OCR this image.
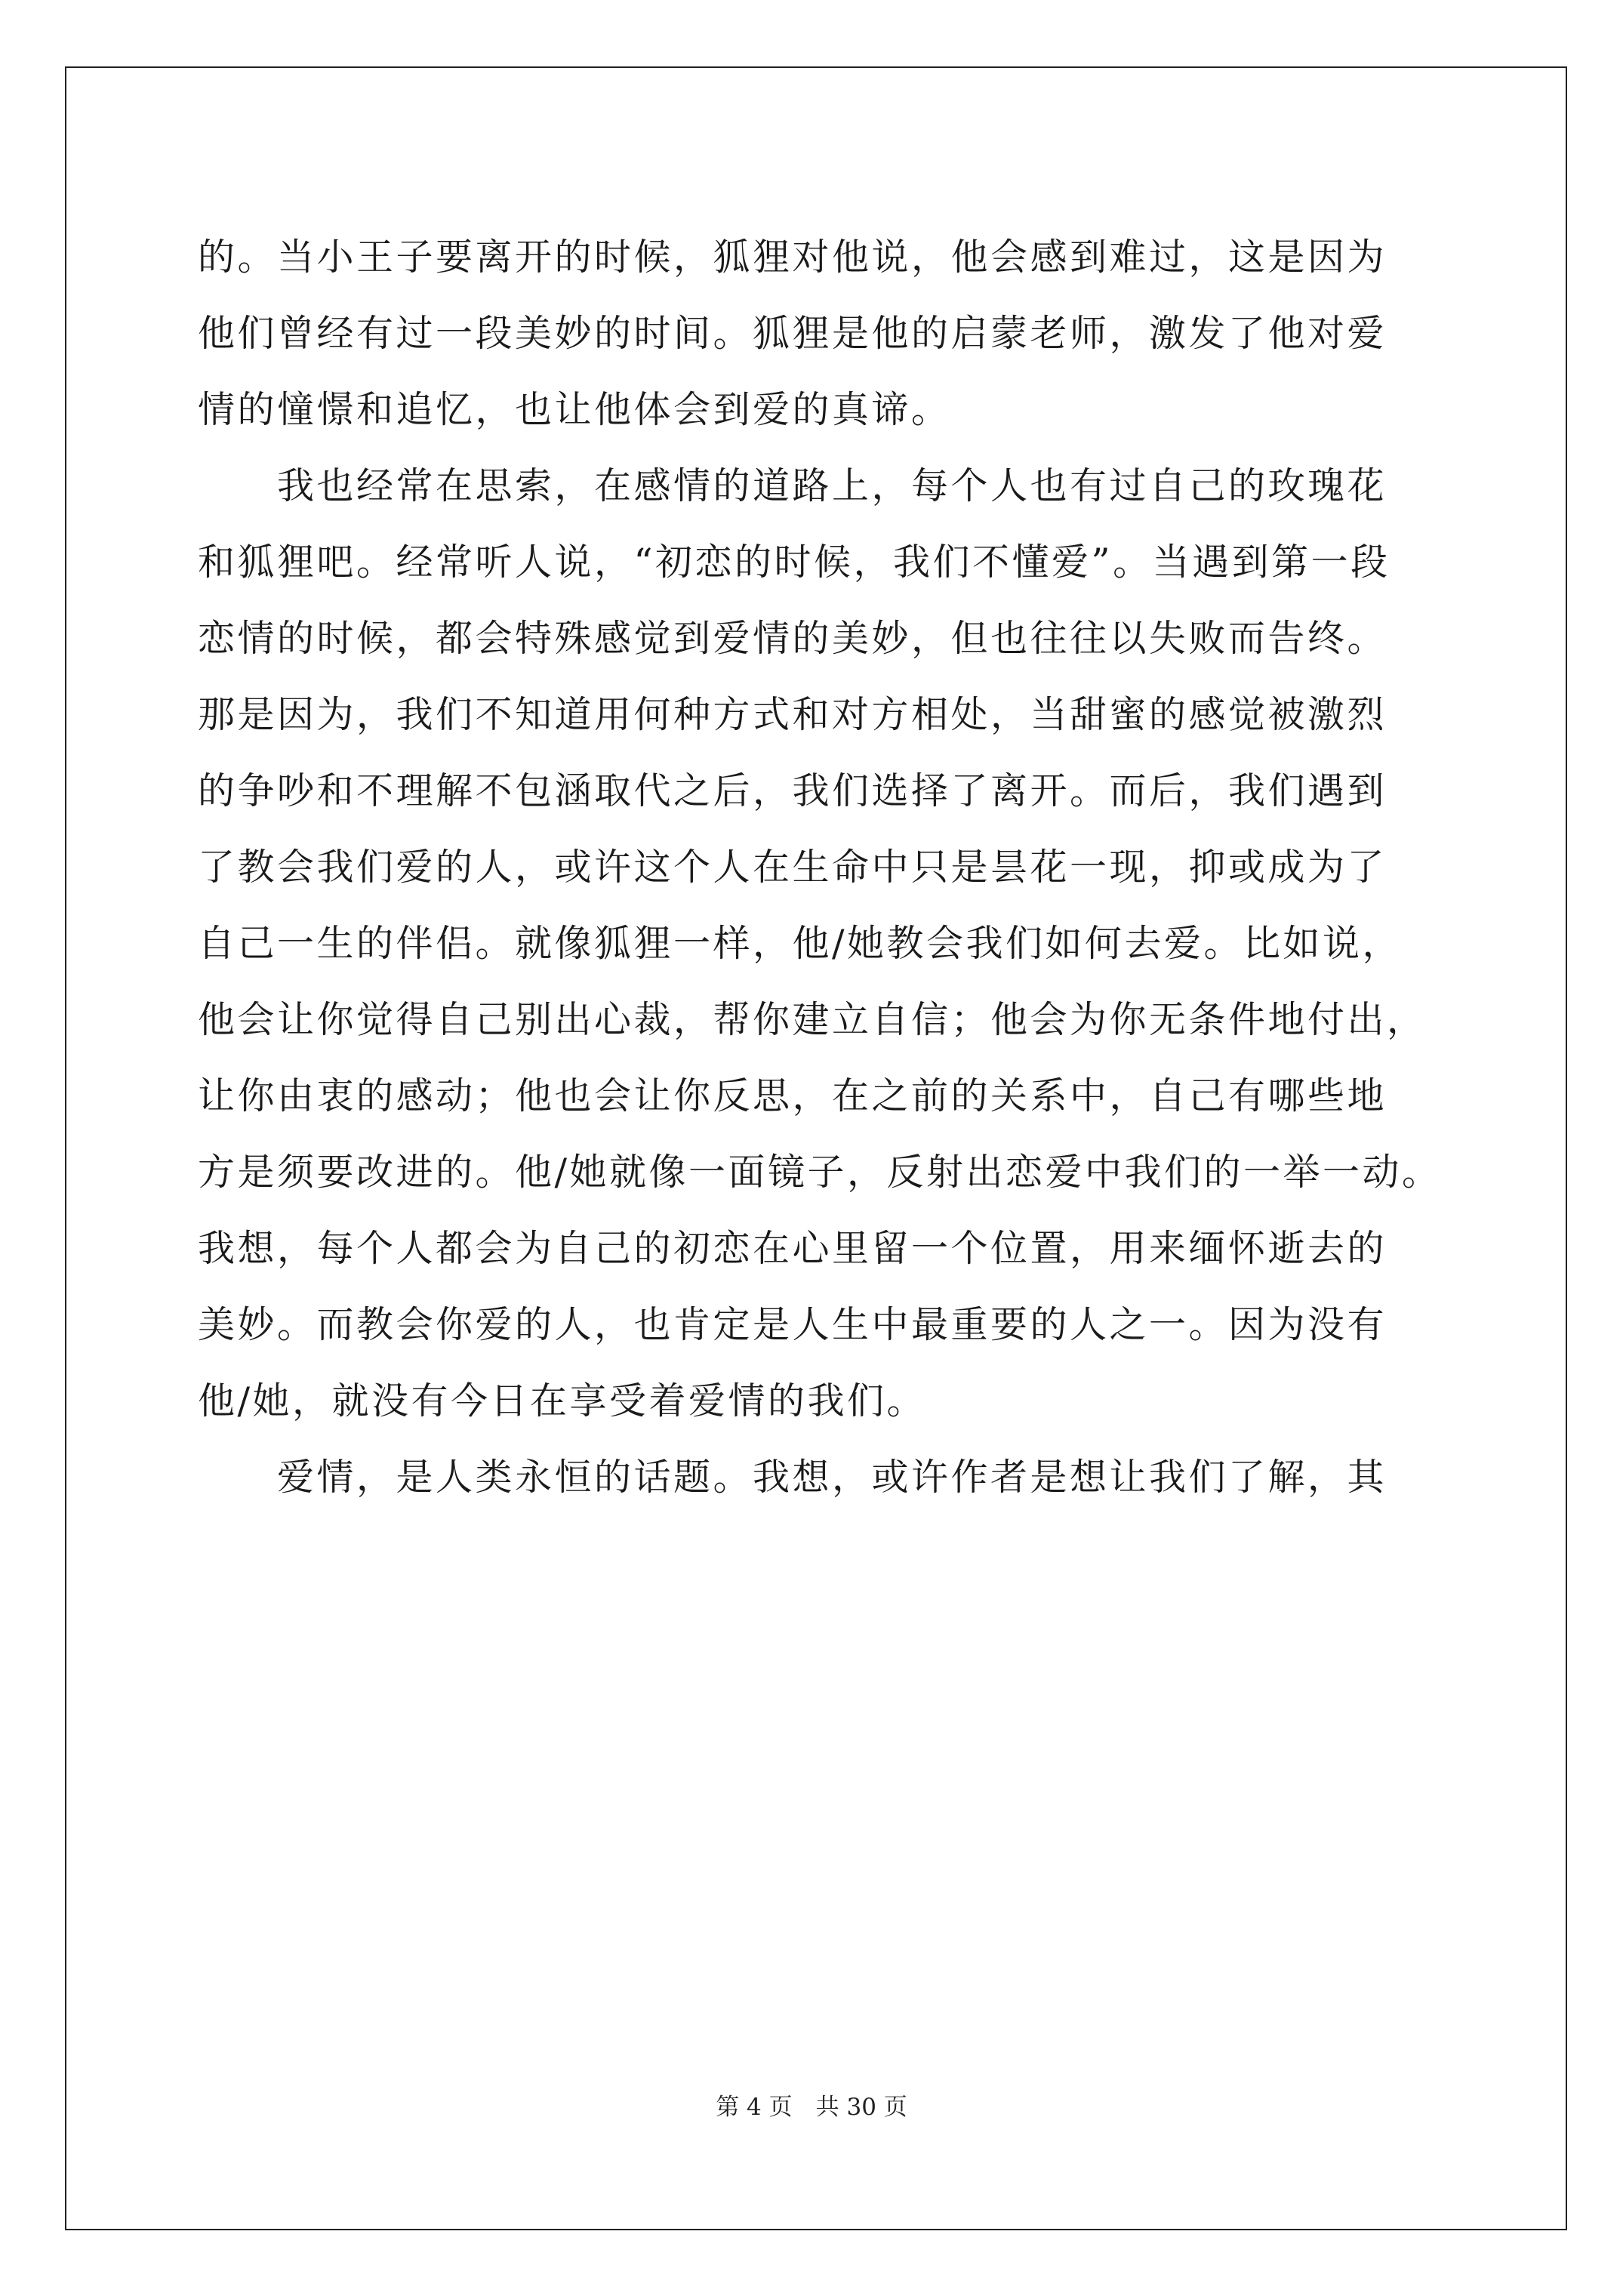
的。当小王子要离开的时候，狐狸对他说，他会感到难过，这是因为
他们曾经有过一段美妙的时间。狐狸是他的启蒙老师，激发了他对爱
情的憧憬和追忆，也让他体会到爱的真谛。
　　我也经常在思索，在感情的道路上，每个人也有过自己的玫瑰花
和狐狸吧。经常听人说，“初恋的时候，我们不懂爱”。当遇到第一段
恋情的时候，都会特殊感觉到爱情的美妙，但也往往以失败而告终。
那是因为，我们不知道用何种方式和对方相处，当甜蜜的感觉被激烈
的争吵和不理解不包涵取代之后，我们选择了离开。而后，我们遇到
了教会我们爱的人，或许这个人在生命中只是昙花一现，抑或成为了
自己一生的伴侣。就像狐狸一样，他/她教会我们如何去爱。比如说，
他会让你觉得自己别出心裁，帮你建立自信；他会为你无条件地付出，
让你由衷的感动；他也会让你反思，在之前的关系中，自己有哪些地
方是须要改进的。他/她就像一面镜子，反射出恋爱中我们的一举一动。
我想，每个人都会为自己的初恋在心里留一个位置，用来缅怀逝去的
美妙。而教会你爱的人，也肯定是人生中最重要的人之一。因为没有
他/她，就没有今日在享受着爱情的我们。
　　爱情，是人类永恒的话题。我想，或许作者是想让我们了解，其
第 4 页　共 30 页
